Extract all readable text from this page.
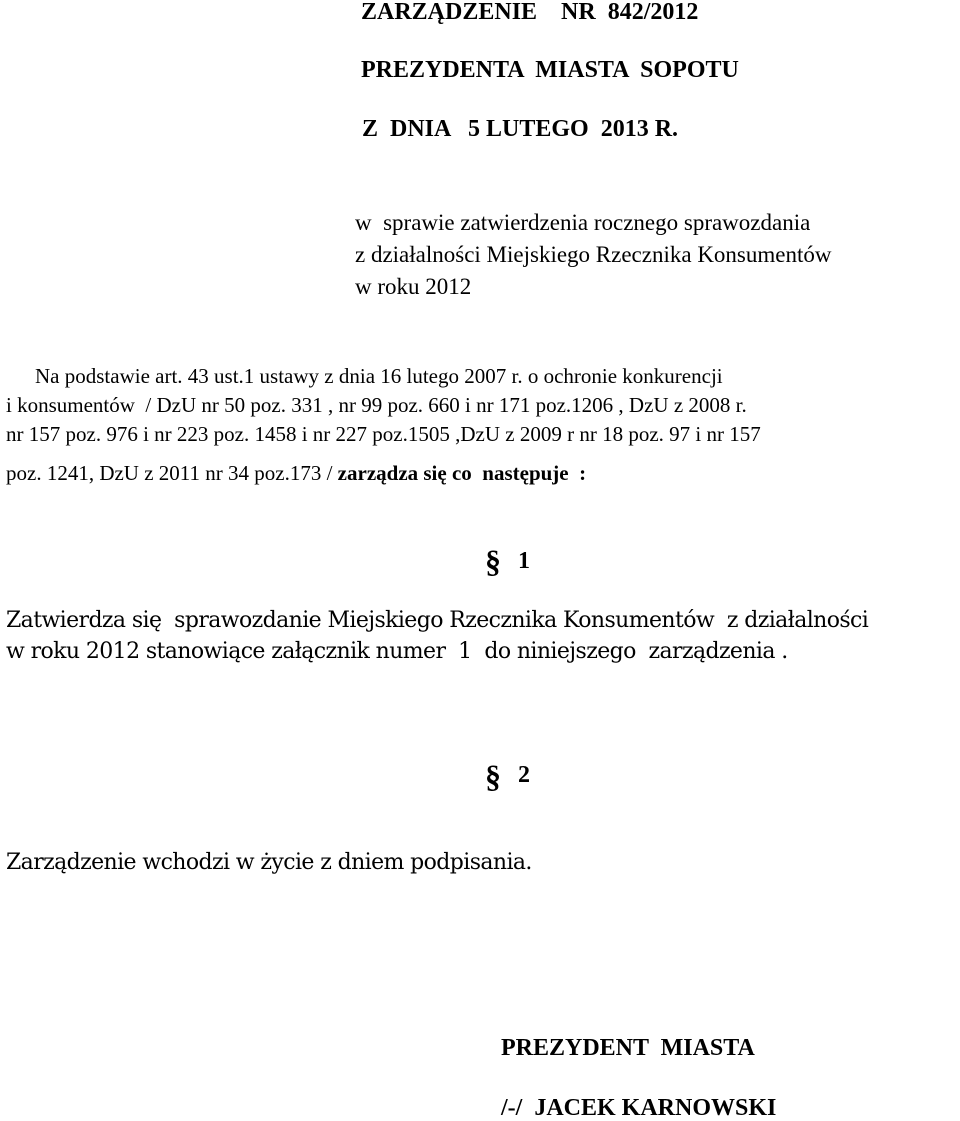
ZARZĄDZENIE    NR  842/2012
PREZYDENTA  MIASTA  SOPOTU
Z  DNIA   5 LUTEGO  2013 R.
w  sprawie zatwierdzenia rocznego sprawozdania
z działalności Miejskiego Rzecznika Konsumentów
w roku 2012
Na podstawie art. 43 ust.1 ustawy z dnia 16 lutego 2007 r. o ochronie konkurencji
i konsumentów  / DzU nr 50 poz. 331 , nr 99 poz. 660 i nr 171 poz.1206 , DzU z 2008 r.
nr 157 poz. 976 i nr 223 poz. 1458 i nr 227 poz.1505 ,DzU z 2009 r nr 18 poz. 97 i nr 157
poz. 1241, DzU z 2011 nr 34 poz.173 / zarządza się co  następuje  :
§ 1
Zatwierdza się  sprawozdanie Miejskiego Rzecznika Konsumentów  z działalności
w roku 2012 stanowiące załącznik numer  1  do niniejszego  zarządzenia .
§ 2
Zarządzenie wchodzi w życie z dniem podpisania.
PREZYDENT  MIASTA
/-/  JACEK KARNOWSKI
